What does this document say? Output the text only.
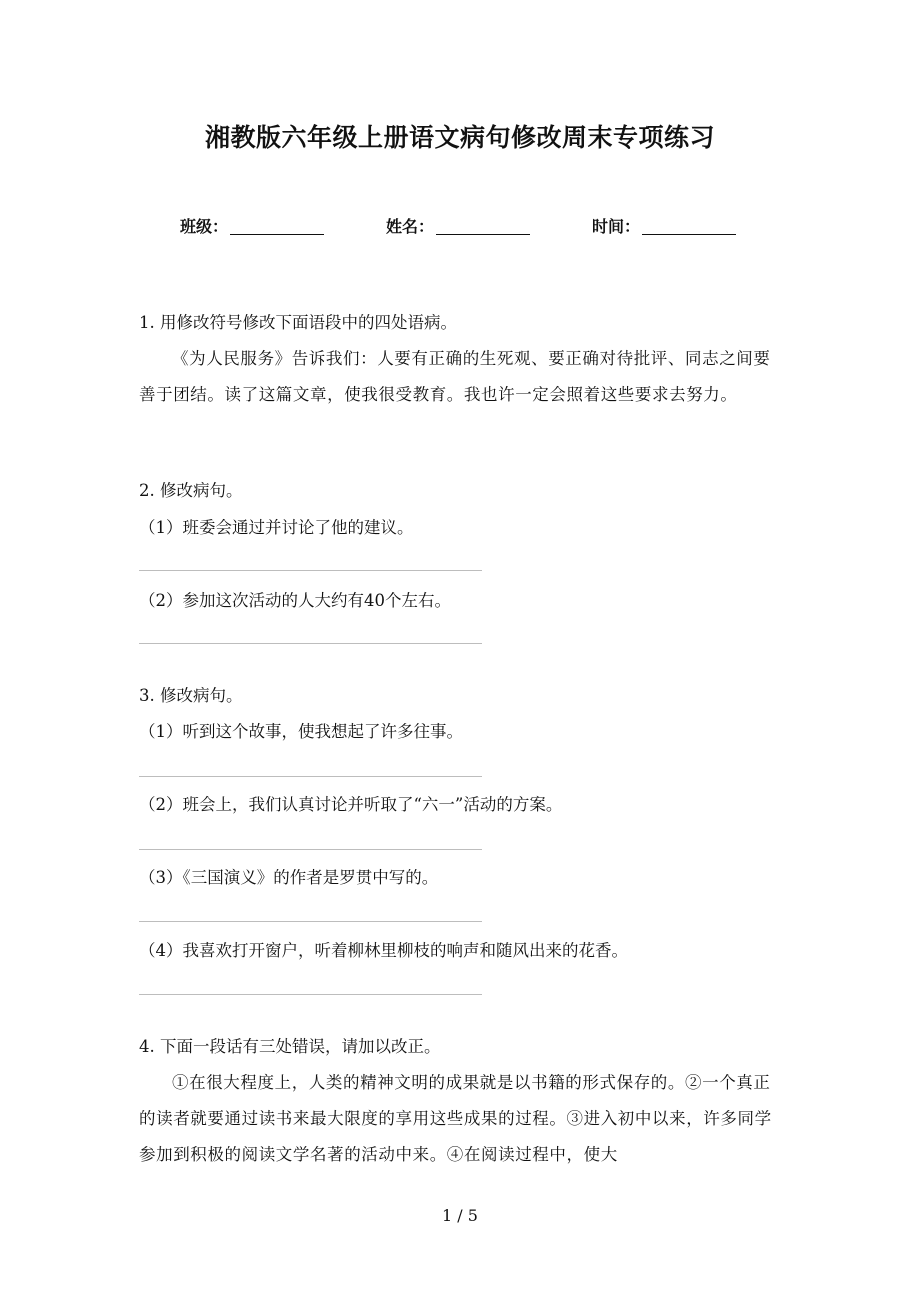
湘教版六年级上册语文病句修改周末专项练习
班级：	姓名：	时间：
1. 用修改符号修改下面语段中的四处语病。
《为人民服务》告诉我们：人要有正确的生死观、要正确对待批评、同志之间要善于团结。读了这篇文章，使我很受教育。我也许一定会照着这些要求去努力。
2. 修改病句。
（1）班委会通过并讨论了他的建议。
（2）参加这次活动的人大约有40个左右。
3. 修改病句。
（1）听到这个故事，使我想起了许多往事。
（2）班会上，我们认真讨论并听取了“六一”活动的方案。
（3）《三国演义》的作者是罗贯中写的。
（4）我喜欢打开窗户，听着柳林里柳枝的响声和随风出来的花香。
4. 下面一段话有三处错误，请加以改正。
①在很大程度上，人类的精神文明的成果就是以书籍的形式保存的。②一个真正的读者就要通过读书来最大限度的享用这些成果的过程。③进入初中以来，许多同学参加到积极的阅读文学名著的活动中来。④在阅读过程中，使大
1 / 5
